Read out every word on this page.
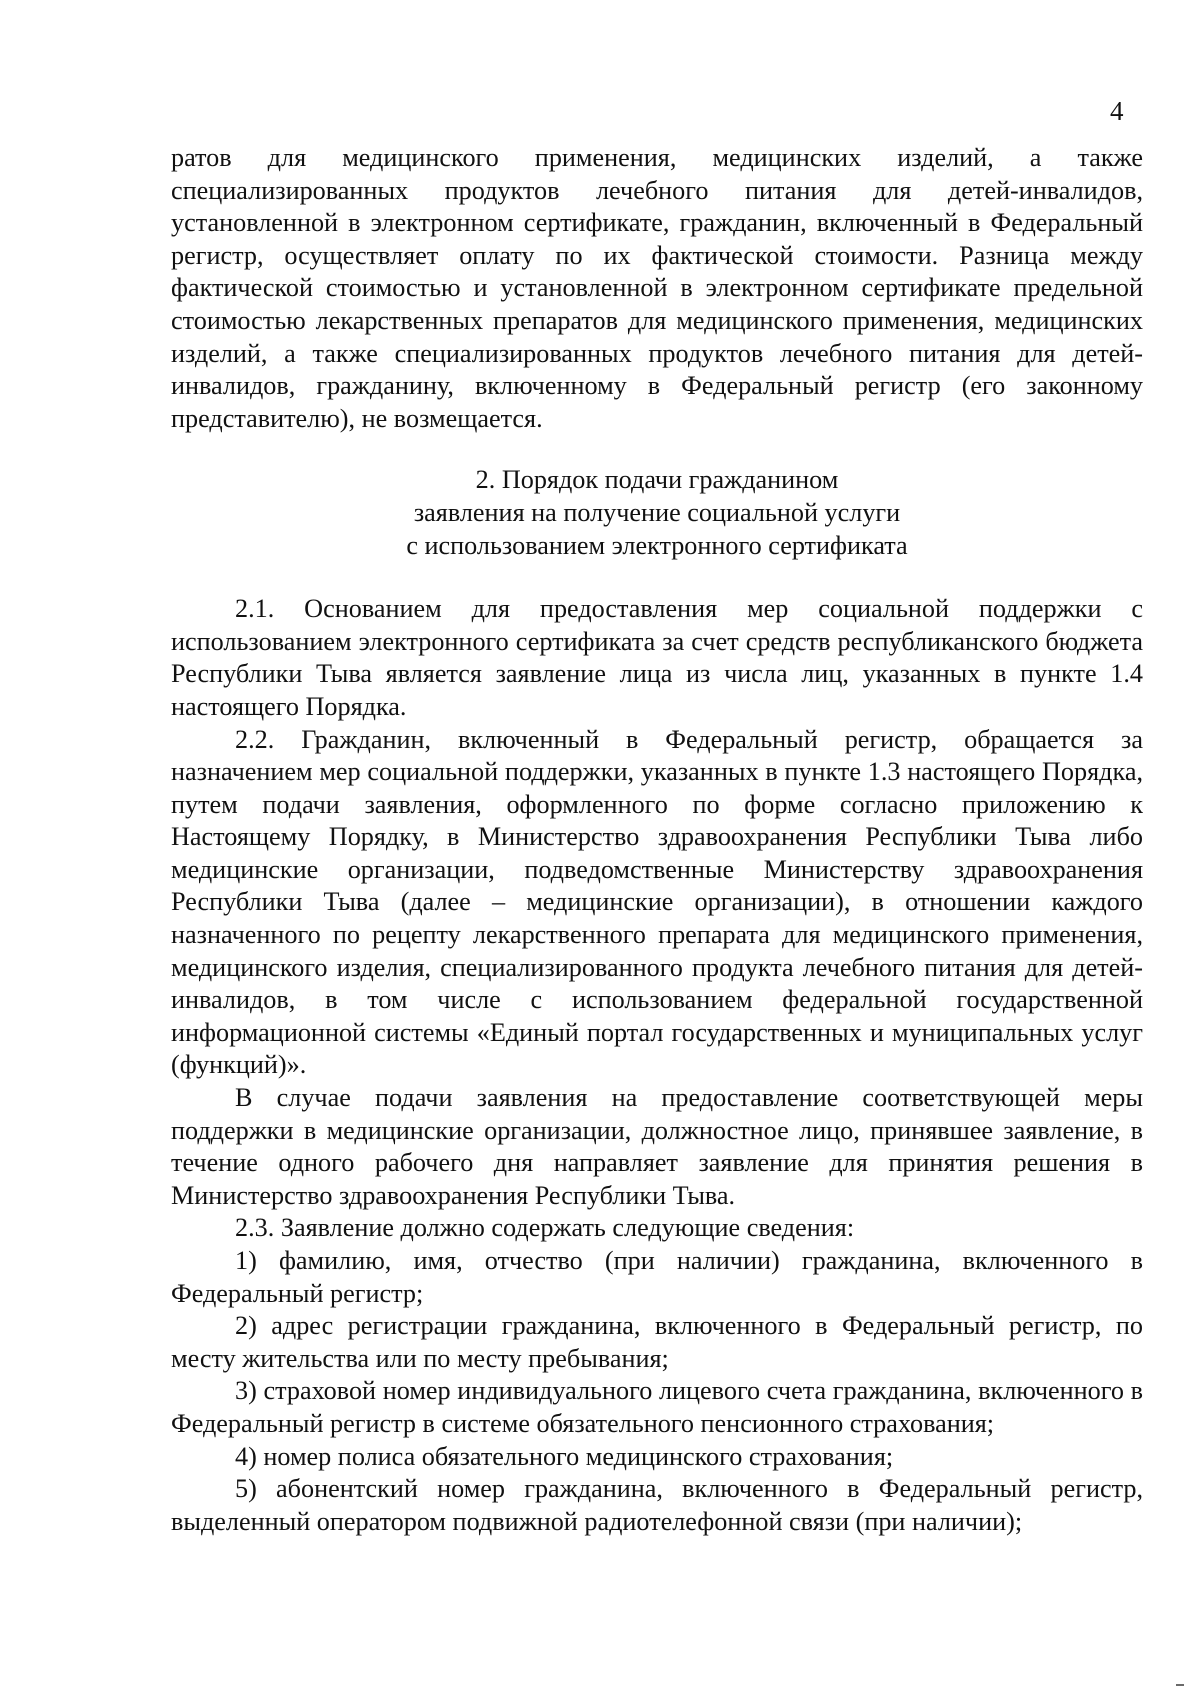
4

ратов для медицинского применения, медицинских изделий, а также специализированных продуктов лечебного питания для детей-инвалидов, установленной в электронном сертификате, гражданин, включенный в Федеральный регистр, осуществляет оплату по их фактической стоимости. Разница между фактической стоимостью и установленной в электронном сертификате предельной стоимостью лекарственных препаратов для медицинского применения, медицинских изделий, а также специализированных продуктов лечебного питания для детей-инвалидов, гражданину, включенному в Федеральный регистр (его законному представителю), не возмещается.

2. Порядок подачи гражданином
заявления на получение социальной услуги
с использованием электронного сертификата

2.1. Основанием для предоставления мер социальной поддержки с использованием электронного сертификата за счет средств республиканского бюджета Республики Тыва является заявление лица из числа лиц, указанных в пункте 1.4 настоящего Порядка.

2.2. Гражданин, включенный в Федеральный регистр, обращается за назначением мер социальной поддержки, указанных в пункте 1.3 настоящего Порядка, путем подачи заявления, оформленного по форме согласно приложению к Настоящему Порядку, в Министерство здравоохранения Республики Тыва либо медицинские организации, подведомственные Министерству здравоохранения Республики Тыва (далее – медицинские организации), в отношении каждого назначенного по рецепту лекарственного препарата для медицинского применения, медицинского изделия, специализированного продукта лечебного питания для детей-инвалидов, в том числе с использованием федеральной государственной информационной системы «Единый портал государственных и муниципальных услуг (функций)».

В случае подачи заявления на предоставление соответствующей меры поддержки в медицинские организации, должностное лицо, принявшее заявление, в течение одного рабочего дня направляет заявление для принятия решения в Министерство здравоохранения Республики Тыва.

2.3. Заявление должно содержать следующие сведения:

1) фамилию, имя, отчество (при наличии) гражданина, включенного в Федеральный регистр;

2) адрес регистрации гражданина, включенного в Федеральный регистр, по месту жительства или по месту пребывания;

3) страховой номер индивидуального лицевого счета гражданина, включенного в Федеральный регистр в системе обязательного пенсионного страхования;

4) номер полиса обязательного медицинского страхования;

5) абонентский номер гражданина, включенного в Федеральный регистр, выделенный оператором подвижной радиотелефонной связи (при наличии);
